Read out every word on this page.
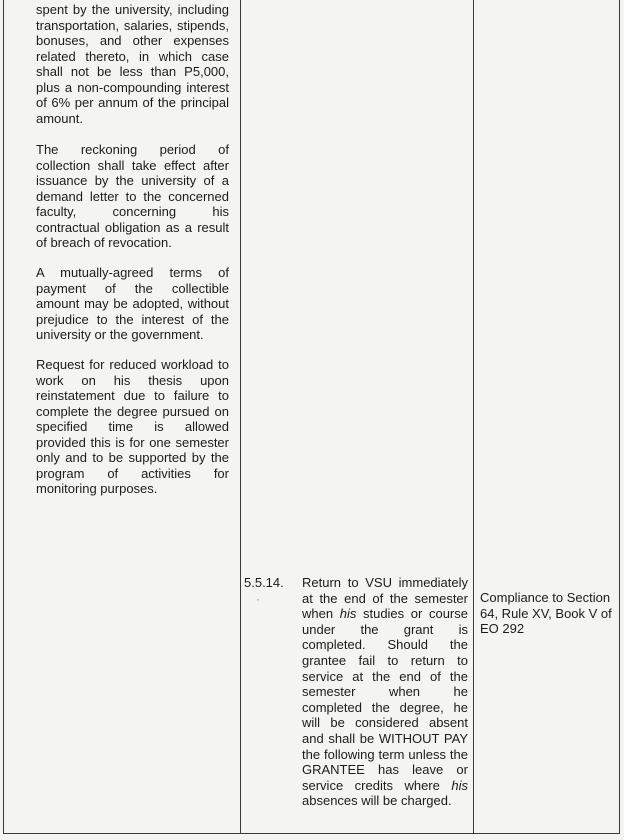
spent by the university, including transportation, salaries, stipends, bonuses, and other expenses related thereto, in which case shall not be less than P5,000, plus a non-compounding interest of 6% per annum of the principal amount.

The reckoning period of collection shall take effect after issuance by the university of a demand letter to the concerned faculty, concerning his contractual obligation as a result of breach of revocation.

A mutually-agreed terms of payment of the collectible amount may be adopted, without prejudice to the interest of the university or the government.

Request for reduced workload to work on his thesis upon reinstatement due to failure to complete the degree pursued on specified time is allowed provided this is for one semester only and to be supported by the program of activities for monitoring purposes.

5.5.14. Return to VSU immediately at the end of the semester when his studies or course under the grant is completed. Should the grantee fail to return to service at the end of the semester when he completed the degree, he will be considered absent and shall be WITHOUT PAY the following term unless the GRANTEE has leave or service credits where his absences will be charged.
’	Compliance to Section 64, Rule XV, Book V of EO 292
